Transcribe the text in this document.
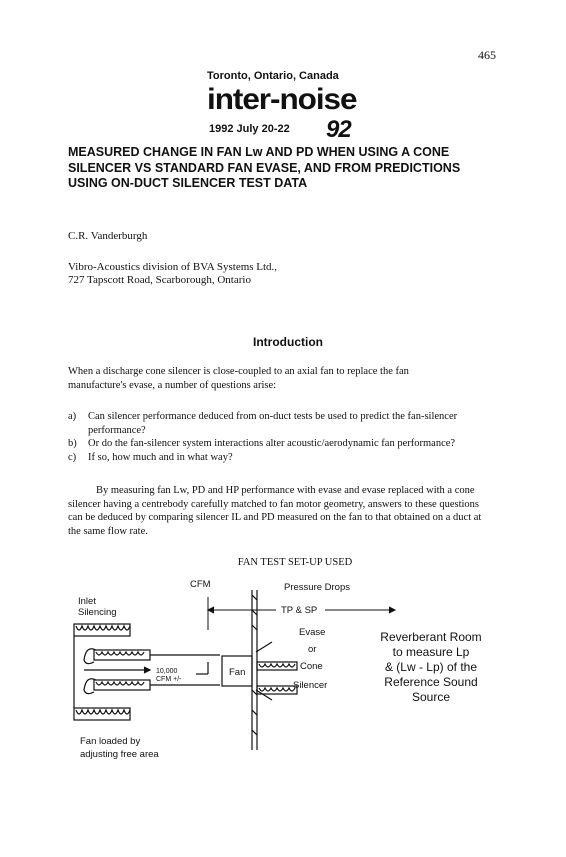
465
Toronto, Ontario, Canada
inter-noise
1992 July 20-22 92
MEASURED CHANGE IN FAN Lw AND PD WHEN USING A CONE SILENCER VS STANDARD FAN EVASE, AND FROM PREDICTIONS USING ON-DUCT SILENCER TEST DATA
C.R. Vanderburgh
Vibro-Acoustics division of BVA Systems Ltd.,
727 Tapscott Road, Scarborough, Ontario
Introduction
When a discharge cone silencer is close-coupled to an axial fan to replace the fan manufacture's evase, a number of questions arise:
a) Can silencer performance deduced from on-duct tests be used to predict the fan-silencer performance?
b) Or do the fan-silencer system interactions alter acoustic/aerodynamic fan performance?
c) If so, how much and in what way?
By measuring fan Lw, PD and HP performance with evase and evase replaced with a cone silencer having a centrebody carefully matched to fan motor geometry, answers to these questions can be deduced by comparing silencer IL and PD measured on the fan to that obtained on a duct at the same flow rate.
FAN TEST SET-UP USED
CFM	Pressure Drops
Inlet
Silencing	TP & SP
10,000
CFM +/-
Fan
Evase
or
Cone
Silencer
Reverberant Room
to measure Lp
& (Lw - Lp) of the
Reference Sound
Source
Fan loaded by
adjusting free area
